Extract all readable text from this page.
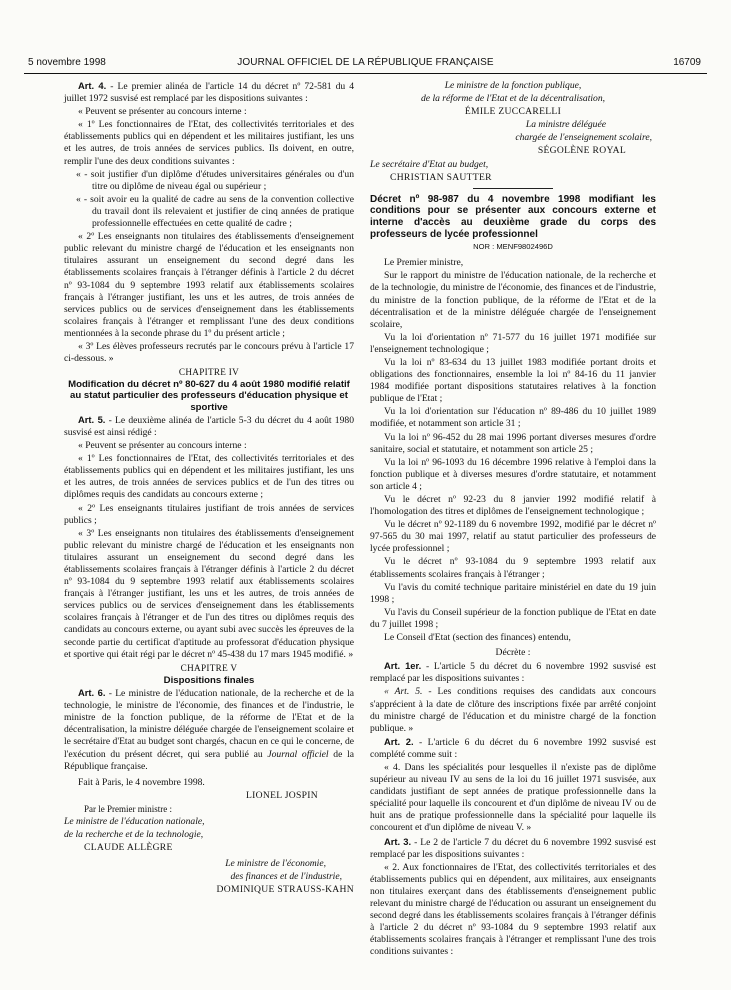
5 novembre 1998	JOURNAL OFFICIEL DE LA RÉPUBLIQUE FRANÇAISE	16709

Art. 4. - Le premier alinéa de l'article 14 du décret nº 72-581 du 4 juillet 1972 susvisé est remplacé par les dispositions suivantes :

« Peuvent se présenter au concours interne :

« 1º Les fonctionnaires de l'Etat, des collectivités territoriales et des établissements publics qui en dépendent et les militaires justifiant, les uns et les autres, de trois années de services publics. Ils doivent, en outre, remplir l'une des deux conditions suivantes :

« - soit justifier d'un diplôme d'études universitaires générales ou d'un titre ou diplôme de niveau égal ou supérieur ;

« - soit avoir eu la qualité de cadre au sens de la convention collective du travail dont ils relevaient et justifier de cinq années de pratique professionnelle effectuées en cette qualité de cadre ;

« 2º Les enseignants non titulaires des établissements d'enseignement public relevant du ministre chargé de l'éducation et les enseignants non titulaires assurant un enseignement du second degré dans les établissements scolaires français à l'étranger définis à l'article 2 du décret nº 93-1084 du 9 septembre 1993 relatif aux établissements scolaires français à l'étranger justifiant, les uns et les autres, de trois années de services publics ou de services d'enseignement dans les établissements scolaires français à l'étranger et remplissant l'une des deux conditions mentionnées à la seconde phrase du 1º du présent article ;

« 3º Les élèves professeurs recrutés par le concours prévu à l'article 17 ci-dessous. »

CHAPITRE IV

Modification du décret nº 80-627 du 4 août 1980 modifié relatif au statut particulier des professeurs d'éducation physique et sportive

Art. 5. - Le deuxième alinéa de l'article 5-3 du décret du 4 août 1980 susvisé est ainsi rédigé :

« Peuvent se présenter au concours interne :

« 1º Les fonctionnaires de l'Etat, des collectivités territoriales et des établissements publics qui en dépendent et les militaires justifiant, les uns et les autres, de trois années de services publics et de l'un des titres ou diplômes requis des candidats au concours externe ;

« 2º Les enseignants titulaires justifiant de trois années de services publics ;

« 3º Les enseignants non titulaires des établissements d'enseignement public relevant du ministre chargé de l'éducation et les enseignants non titulaires assurant un enseignement du second degré dans les établissements scolaires français à l'étranger définis à l'article 2 du décret nº 93-1084 du 9 septembre 1993 relatif aux établissements scolaires français à l'étranger justifiant, les uns et les autres, de trois années de services publics ou de services d'enseignement dans les établissements scolaires français à l'étranger et de l'un des titres ou diplômes requis des candidats au concours externe, ou ayant subi avec succès les épreuves de la seconde partie du certificat d'aptitude au professorat d'éducation physique et sportive qui était régi par le décret nº 45-438 du 17 mars 1945 modifié. »

CHAPITRE V

Dispositions finales

Art. 6. - Le ministre de l'éducation nationale, de la recherche et de la technologie, le ministre de l'économie, des finances et de l'industrie, le ministre de la fonction publique, de la réforme de l'Etat et de la décentralisation, la ministre déléguée chargée de l'enseignement scolaire et le secrétaire d'Etat au budget sont chargés, chacun en ce qui le concerne, de l'exécution du présent décret, qui sera publié au Journal officiel de la République française.

Fait à Paris, le 4 novembre 1998.

LIONEL JOSPIN

Par le Premier ministre :

Le ministre de l'éducation nationale,

de la recherche et de la technologie,

CLAUDE ALLÈGRE

Le ministre de l'économie,

des finances et de l'industrie,

DOMINIQUE STRAUSS-KAHN

Le ministre de la fonction publique,

de la réforme de l'Etat et de la décentralisation,

ÉMILE ZUCCARELLI

La ministre déléguée

chargée de l'enseignement scolaire,

SÉGOLÈNE ROYAL

Le secrétaire d'Etat au budget,

CHRISTIAN SAUTTER

Décret nº 98-987 du 4 novembre 1998 modifiant les conditions pour se présenter aux concours externe et interne d'accès au deuxième grade du corps des professeurs de lycée professionnel

NOR : MENF9802496D

Le Premier ministre,

Sur le rapport du ministre de l'éducation nationale, de la recherche et de la technologie, du ministre de l'économie, des finances et de l'industrie, du ministre de la fonction publique, de la réforme de l'Etat et de la décentralisation et de la ministre déléguée chargée de l'enseignement scolaire,

Vu la loi d'orientation nº 71-577 du 16 juillet 1971 modifiée sur l'enseignement technologique ;

Vu la loi nº 83-634 du 13 juillet 1983 modifiée portant droits et obligations des fonctionnaires, ensemble la loi nº 84-16 du 11 janvier 1984 modifiée portant dispositions statutaires relatives à la fonction publique de l'Etat ;

Vu la loi d'orientation sur l'éducation nº 89-486 du 10 juillet 1989 modifiée, et notamment son article 31 ;

Vu la loi nº 96-452 du 28 mai 1996 portant diverses mesures d'ordre sanitaire, social et statutaire, et notamment son article 25 ;

Vu la loi nº 96-1093 du 16 décembre 1996 relative à l'emploi dans la fonction publique et à diverses mesures d'ordre statutaire, et notamment son article 4 ;

Vu le décret nº 92-23 du 8 janvier 1992 modifié relatif à l'homologation des titres et diplômes de l'enseignement technologique ;

Vu le décret nº 92-1189 du 6 novembre 1992, modifié par le décret nº 97-565 du 30 mai 1997, relatif au statut particulier des professeurs de lycée professionnel ;

Vu le décret nº 93-1084 du 9 septembre 1993 relatif aux établissements scolaires français à l'étranger ;

Vu l'avis du comité technique paritaire ministériel en date du 19 juin 1998 ;

Vu l'avis du Conseil supérieur de la fonction publique de l'Etat en date du 7 juillet 1998 ;

Le Conseil d'Etat (section des finances) entendu,

Décrète :

Art. 1er. - L'article 5 du décret du 6 novembre 1992 susvisé est remplacé par les dispositions suivantes :

« Art. 5. - Les conditions requises des candidats aux concours s'apprécient à la date de clôture des inscriptions fixée par arrêté conjoint du ministre chargé de l'éducation et du ministre chargé de la fonction publique. »

Art. 2. - L'article 6 du décret du 6 novembre 1992 susvisé est complété comme suit :

« 4. Dans les spécialités pour lesquelles il n'existe pas de diplôme supérieur au niveau IV au sens de la loi du 16 juillet 1971 susvisée, aux candidats justifiant de sept années de pratique professionnelle dans la spécialité pour laquelle ils concourent et d'un diplôme de niveau IV ou de huit ans de pratique professionnelle dans la spécialité pour laquelle ils concourent et d'un diplôme de niveau V. »

Art. 3. - Le 2 de l'article 7 du décret du 6 novembre 1992 susvisé est remplacé par les dispositions suivantes :

« 2. Aux fonctionnaires de l'Etat, des collectivités territoriales et des établissements publics qui en dépendent, aux militaires, aux enseignants non titulaires exerçant dans des établissements d'enseignement public relevant du ministre chargé de l'éducation ou assurant un enseignement du second degré dans les établissements scolaires français à l'étranger définis à l'article 2 du décret nº 93-1084 du 9 septembre 1993 relatif aux établissements scolaires français à l'étranger et remplissant l'une des trois conditions suivantes :
